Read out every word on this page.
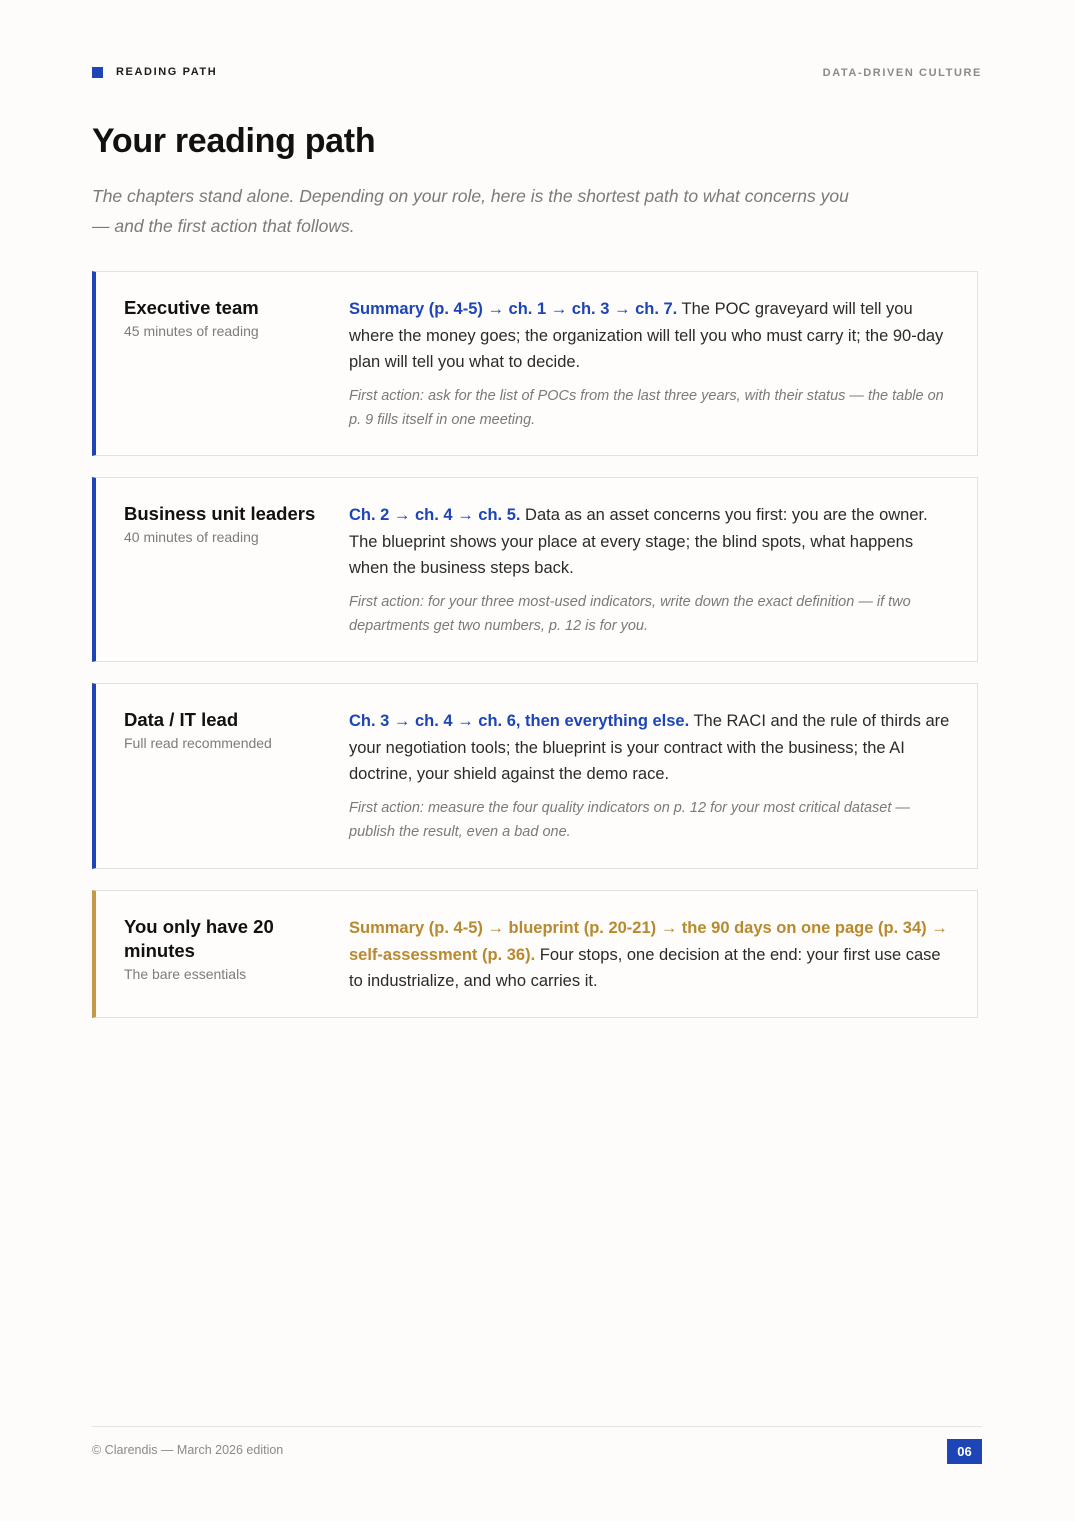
READING PATH	DATA-DRIVEN CULTURE
Your reading path

The chapters stand alone. Depending on your role, here is the shortest path to what concerns you — and the first action that follows.

Executive team
45 minutes of reading

Summary (p. 4-5) → ch. 1 → ch. 3 → ch. 7. The POC graveyard will tell you where the money goes; the organization will tell you who must carry it; the 90-day plan will tell you what to decide.

First action: ask for the list of POCs from the last three years, with their status — the table on p. 9 fills itself in one meeting.
Business unit leaders
40 minutes of reading

Ch. 2 → ch. 4 → ch. 5. Data as an asset concerns you first: you are the owner. The blueprint shows your place at every stage; the blind spots, what happens when the business steps back.

First action: for your three most-used indicators, write down the exact definition — if two departments get two numbers, p. 12 is for you.
Data / IT lead
Full read recommended

Ch. 3 → ch. 4 → ch. 6, then everything else. The RACI and the rule of thirds are your negotiation tools; the blueprint is your contract with the business; the AI doctrine, your shield against the demo race.

First action: measure the four quality indicators on p. 12 for your most critical dataset — publish the result, even a bad one.
You only have 20 minutes
The bare essentials

Summary (p. 4-5) → blueprint (p. 20-21) → the 90 days on one page (p. 34) → self-assessment (p. 36). Four stops, one decision at the end: your first use case to industrialize, and who carries it.

© Clarendis — March 2026 edition	06
